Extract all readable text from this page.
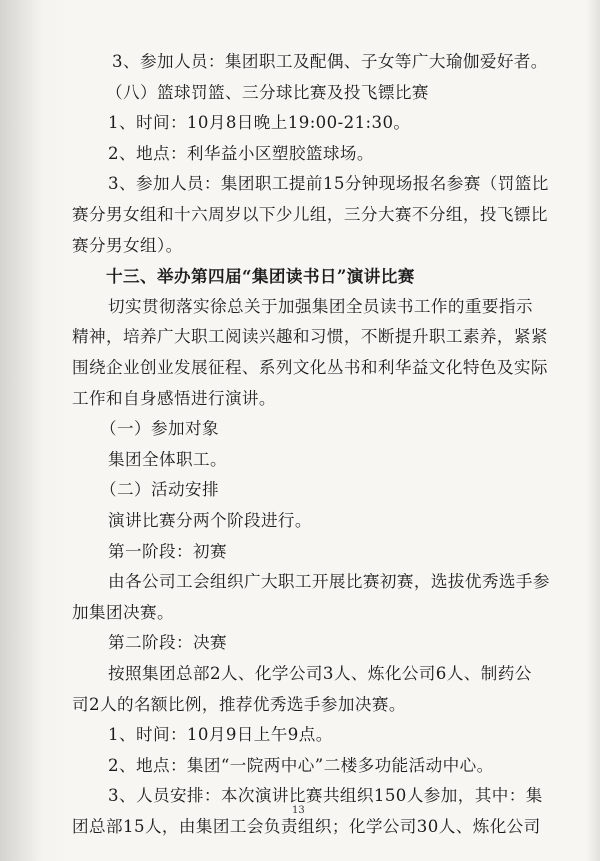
3、参加人员：集团职工及配偶、子女等广大瑜伽爱好者。
（八）篮球罚篮、三分球比赛及投飞镖比赛
1、时间：10月8日晚上19:00-21:30。
2、地点：利华益小区塑胶篮球场。
3、参加人员：集团职工提前15分钟现场报名参赛（罚篮比
赛分男女组和十六周岁以下少儿组，三分大赛不分组，投飞镖比
赛分男女组）。
十三、举办第四届“集团读书日”演讲比赛
切实贯彻落实徐总关于加强集团全员读书工作的重要指示
精神，培养广大职工阅读兴趣和习惯，不断提升职工素养，紧紧
围绕企业创业发展征程、系列文化丛书和利华益文化特色及实际
工作和自身感悟进行演讲。
（一）参加对象
集团全体职工。
（二）活动安排
演讲比赛分两个阶段进行。
第一阶段：初赛
由各公司工会组织广大职工开展比赛初赛，选拔优秀选手参
加集团决赛。
第二阶段：决赛
按照集团总部2人、化学公司3人、炼化公司6人、制药公
司2人的名额比例，推荐优秀选手参加决赛。
1、时间：10月9日上午9点。
2、地点：集团“一院两中心”二楼多功能活动中心。
3、人员安排：本次演讲比赛共组织150人参加，其中：集
团总部15人，由集团工会负责组织；化学公司30人、炼化公司
13
